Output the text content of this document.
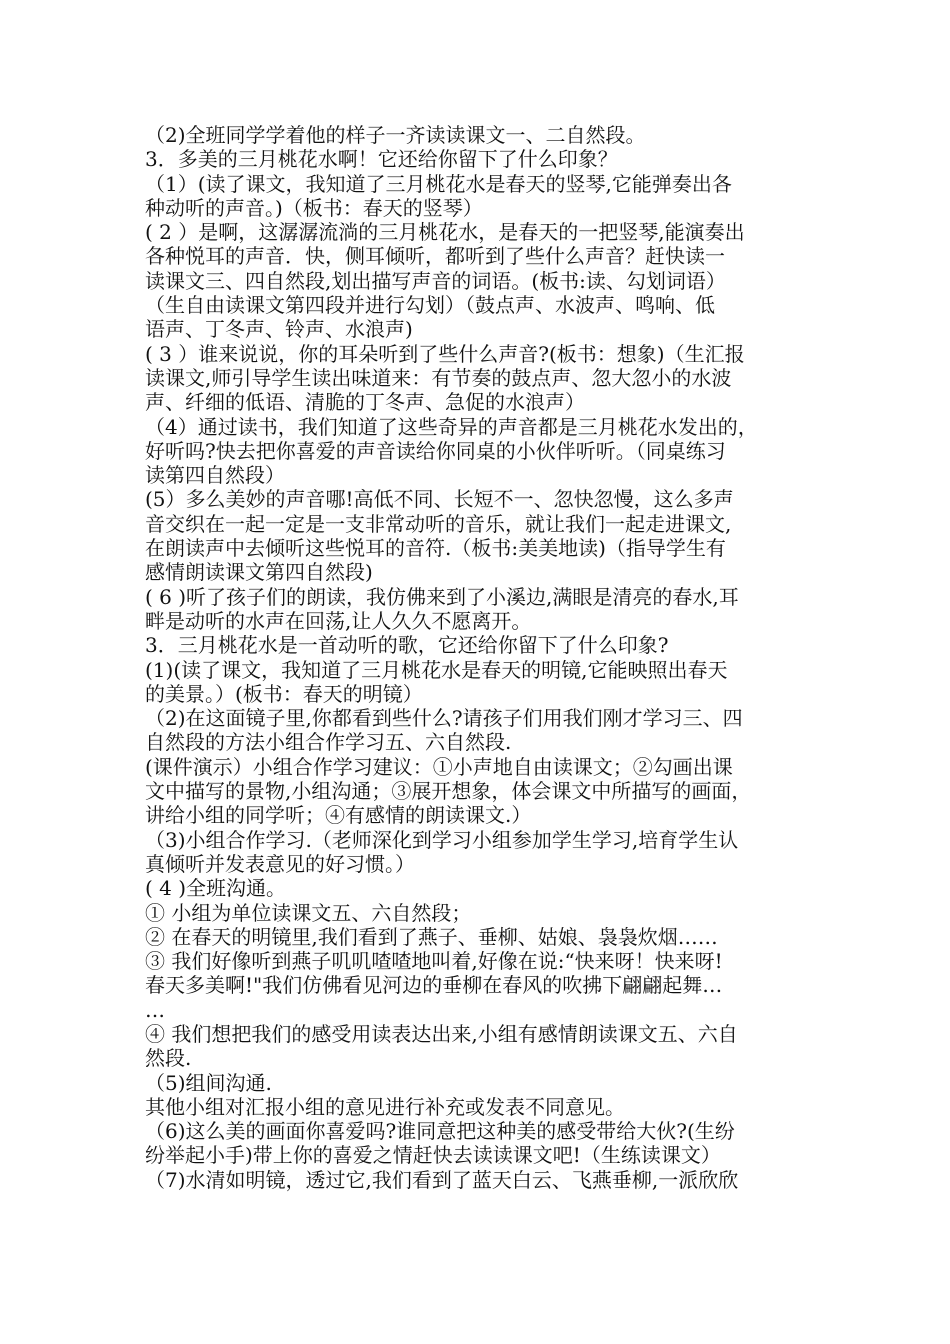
（2)全班同学学着他的样子一齐读读课文一、二自然段。
3．多美的三月桃花水啊！它还给你留下了什么印象？
（1）(读了课文，我知道了三月桃花水是春天的竖琴,它能弹奏出各
种动听的声音。)（板书：春天的竖琴）
( 2 ）是啊，这潺潺流淌的三月桃花水，是春天的一把竖琴,能演奏出
各种悦耳的声音．快，侧耳倾听，都听到了些什么声音？赶快读一
读课文三、四自然段,划出描写声音的词语。(板书:读、勾划词语）
（生自由读课文第四段并进行勾划）（鼓点声、水波声、鸣响、低
语声、丁冬声、铃声、水浪声)
( 3 ）谁来说说，你的耳朵听到了些什么声音?(板书：想象)（生汇报
读课文,师引导学生读出味道来：有节奏的鼓点声、忽大忽小的水波
声、纤细的低语、清脆的丁冬声、急促的水浪声）
（4）通过读书，我们知道了这些奇异的声音都是三月桃花水发出的，
好听吗?快去把你喜爱的声音读给你同桌的小伙伴听听。（同桌练习
读第四自然段）
(5）多么美妙的声音哪!高低不同、长短不一、忽快忽慢，这么多声
音交织在一起一定是一支非常动听的音乐，就让我们一起走进课文,
在朗读声中去倾听这些悦耳的音符.（板书:美美地读)（指导学生有
感情朗读课文第四自然段)
( 6 )听了孩子们的朗读，我仿佛来到了小溪边,满眼是清亮的春水,耳
畔是动听的水声在回荡,让人久久不愿离开。
3．三月桃花水是一首动听的歌，它还给你留下了什么印象?
(1)(读了课文，我知道了三月桃花水是春天的明镜,它能映照出春天
的美景。）(板书：春天的明镜）
（2)在这面镜子里,你都看到些什么?请孩子们用我们刚才学习三、四
自然段的方法小组合作学习五、六自然段.
(课件演示）小组合作学习建议：①小声地自由读课文；②勾画出课
文中描写的景物,小组沟通；③展开想象，体会课文中所描写的画面，
讲给小组的同学听；④有感情的朗读课文.）
（3)小组合作学习.（老师深化到学习小组参加学生学习,培育学生认
真倾听并发表意见的好习惯。）
( 4 )全班沟通。
① 小组为单位读课文五、六自然段；
② 在春天的明镜里,我们看到了燕子、垂柳、姑娘、袅袅炊烟……
③ 我们好像听到燕子叽叽喳喳地叫着,好像在说:“快来呀！快来呀!
春天多美啊!"我们仿佛看见河边的垂柳在春风的吹拂下翩翩起舞…
…
④ 我们想把我们的感受用读表达出来,小组有感情朗读课文五、六自
然段.
（5)组间沟通.
其他小组对汇报小组的意见进行补充或发表不同意见。
（6)这么美的画面你喜爱吗?谁同意把这种美的感受带给大伙?(生纷
纷举起小手)带上你的喜爱之情赶快去读读课文吧!（生练读课文）
（7)水清如明镜，透过它,我们看到了蓝天白云、飞燕垂柳,一派欣欣
